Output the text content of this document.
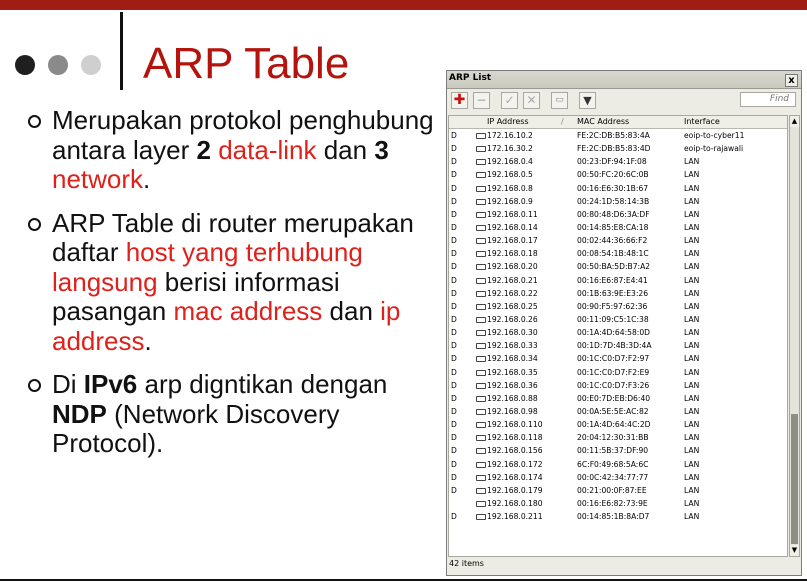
ARP Table
Merupakan protokol penghubung antara layer 2 data-link dan 3 network.
ARP Table di router merupakan daftar host yang terhubung langsung berisi informasi pasangan mac address dan ip address.
Di IPv6 arp digntikan dengan NDP (Network Discovery Protocol).
ARP List	x
✚ − ✓ ✕	▭	▼	Find
IP Address	/ MAC Address	Interface
D	172.16.10.2	FE:2C:DB:B5:83:4A	eoip-to-cyber11
D	172.16.30.2	FE:2C:DB:B5:83:4D	eoip-to-rajawali
D	192.168.0.4	00:23:DF:94:1F:08	LAN
D	192.168.0.5	00:50:FC:20:6C:0B	LAN
D	192.168.0.8	00:16:E6:30:1B:67	LAN
D	192.168.0.9	00:24:1D:58:14:3B	LAN
D	192.168.0.11	00:80:48:D6:3A:DF	LAN
D	192.168.0.14	00:14:85:E8:CA:18	LAN
D	192.168.0.17	00:02:44:36:66:F2	LAN
D	192.168.0.18	00:08:54:1B:48:1C	LAN
D	192.168.0.20	00:50:BA:5D:B7:A2	LAN
D	192.168.0.21	00:16:E6:87:E4:41	LAN
D	192.168.0.22	00:1B:63:9E:E3:26	LAN
D	192.168.0.25	00:90:F5:97:62:36	LAN
D	192.168.0.26	00:11:09:C5:1C:38	LAN
D	192.168.0.30	00:1A:4D:64:58:0D	LAN
D	192.168.0.33	00:1D:7D:4B:3D:4A	LAN
D	192.168.0.34	00:1C:C0:D7:F2:97	LAN
D	192.168.0.35	00:1C:C0:D7:F2:E9	LAN
D	192.168.0.36	00:1C:C0:D7:F3:26	LAN
D	192.168.0.88	00:E0:7D:EB:D6:40	LAN
D	192.168.0.98	00:0A:5E:5E:AC:82	LAN
D	192.168.0.110	00:1A:4D:64:4C:2D	LAN
D	192.168.0.118	20:04:12:30:31:BB	LAN
D	192.168.0.156	00:11:5B:37:DF:90	LAN
D	192.168.0.172	6C:F0:49:68:5A:6C	LAN
D	192.168.0.174	00:0C:42:34:77:77	LAN
D	192.168.0.179	00:21:00:0F:87:EE	LAN
192.168.0.180	00:16:E6:82:73:9E	LAN
D	192.168.0.211	00:14:85:1B:8A:D7	LAN
▲
▼
42 items
